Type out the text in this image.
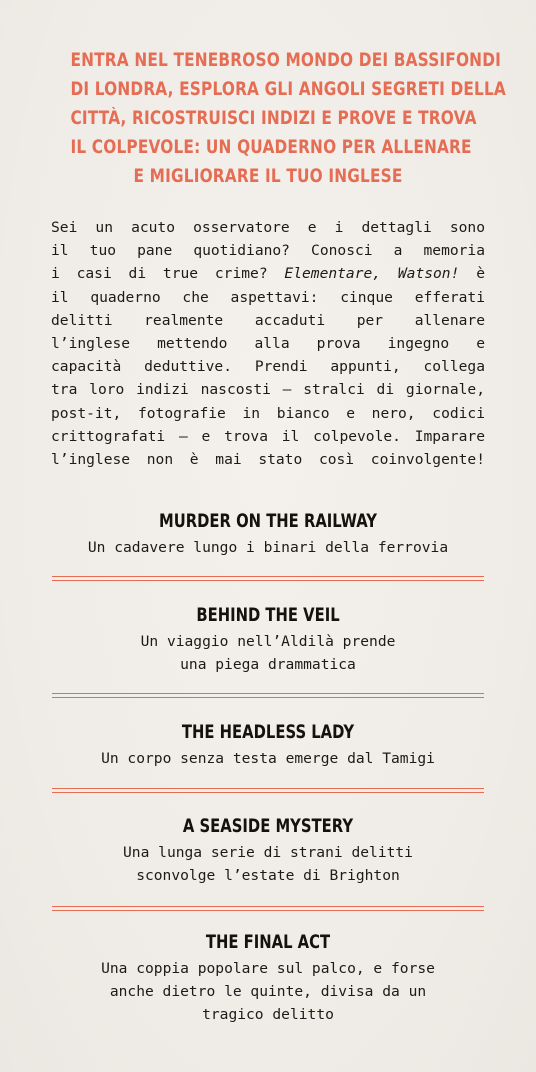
ENTRA NEL TENEBROSO MONDO DEI BASSIFONDI
DI LONDRA, ESPLORA GLI ANGOLI SEGRETI DELLA
CITTÀ, RICOSTRUISCI INDIZI E PROVE E TROVA
IL COLPEVOLE: UN QUADERNO PER ALLENARE
E MIGLIORARE IL TUO INGLESE
Sei un acuto osservatore e i dettagli sono
il tuo pane quotidiano? Conosci a memoria
i casi di true crime? Elementare, Watson! è
il quaderno che aspettavi: cinque efferati
delitti realmente accaduti per allenare
l’inglese mettendo alla prova ingegno e
capacità deduttive. Prendi appunti, collega
tra loro indizi nascosti — stralci di giornale,
post-it, fotografie in bianco e nero, codici
crittografati — e trova il colpevole. Imparare
l’inglese non è mai stato così coinvolgente!
MURDER ON THE RAILWAY
Un cadavere lungo i binari della ferrovia
BEHIND THE VEIL
Un viaggio nell’Aldilà prende
una piega drammatica
THE HEADLESS LADY
Un corpo senza testa emerge dal Tamigi
A SEASIDE MYSTERY
Una lunga serie di strani delitti
sconvolge l’estate di Brighton
THE FINAL ACT
Una coppia popolare sul palco, e forse
anche dietro le quinte, divisa da un
tragico delitto
